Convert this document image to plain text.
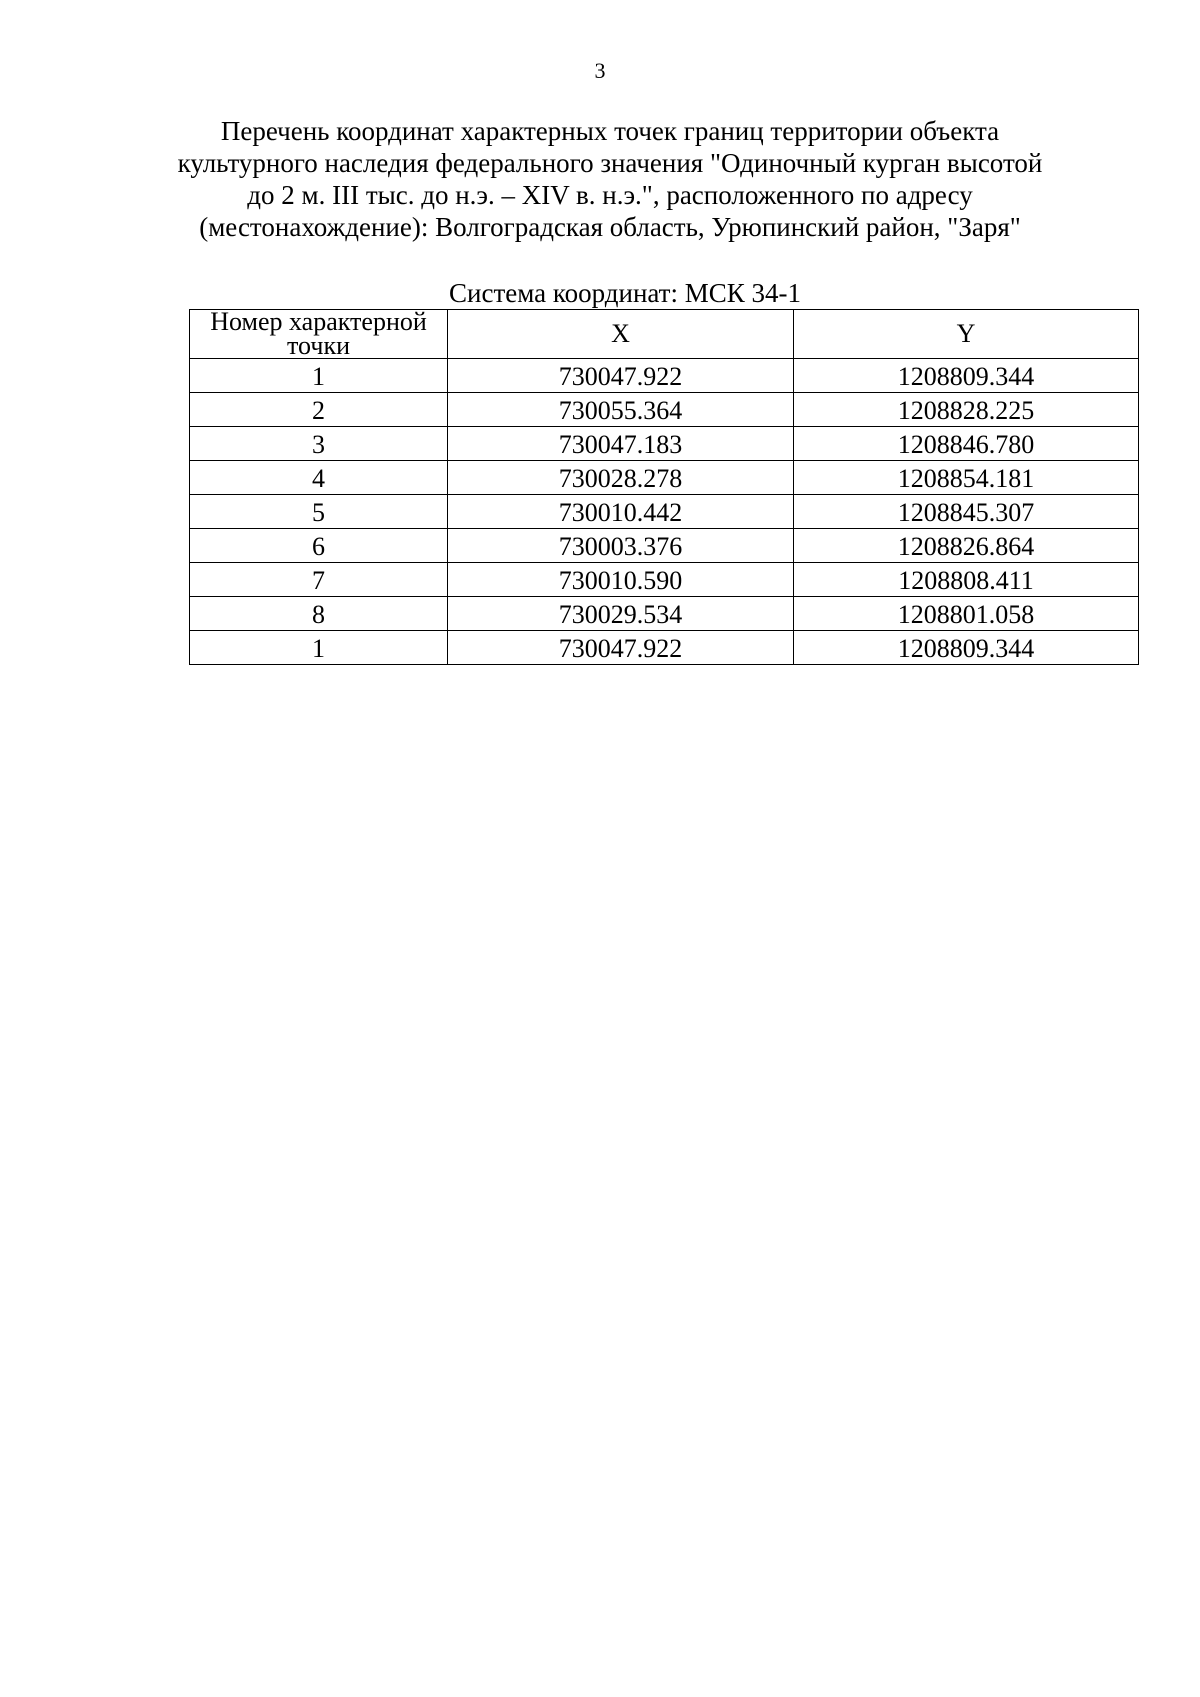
3
Перечень координат характерных точек границ территории объекта
культурного наследия федерального значения "Одиночный курган высотой
до 2 м. III тыс. до н.э. – XIV в. н.э.", расположенного по адресу
(местонахождение): Волгоградская область, Урюпинский район, "Заря"
Система координат: МСК 34-1
Номер характерной точки	X	Y
1	730047.922	1208809.344
2	730055.364	1208828.225
3	730047.183	1208846.780
4	730028.278	1208854.181
5	730010.442	1208845.307
6	730003.376	1208826.864
7	730010.590	1208808.411
8	730029.534	1208801.058
1	730047.922	1208809.344
